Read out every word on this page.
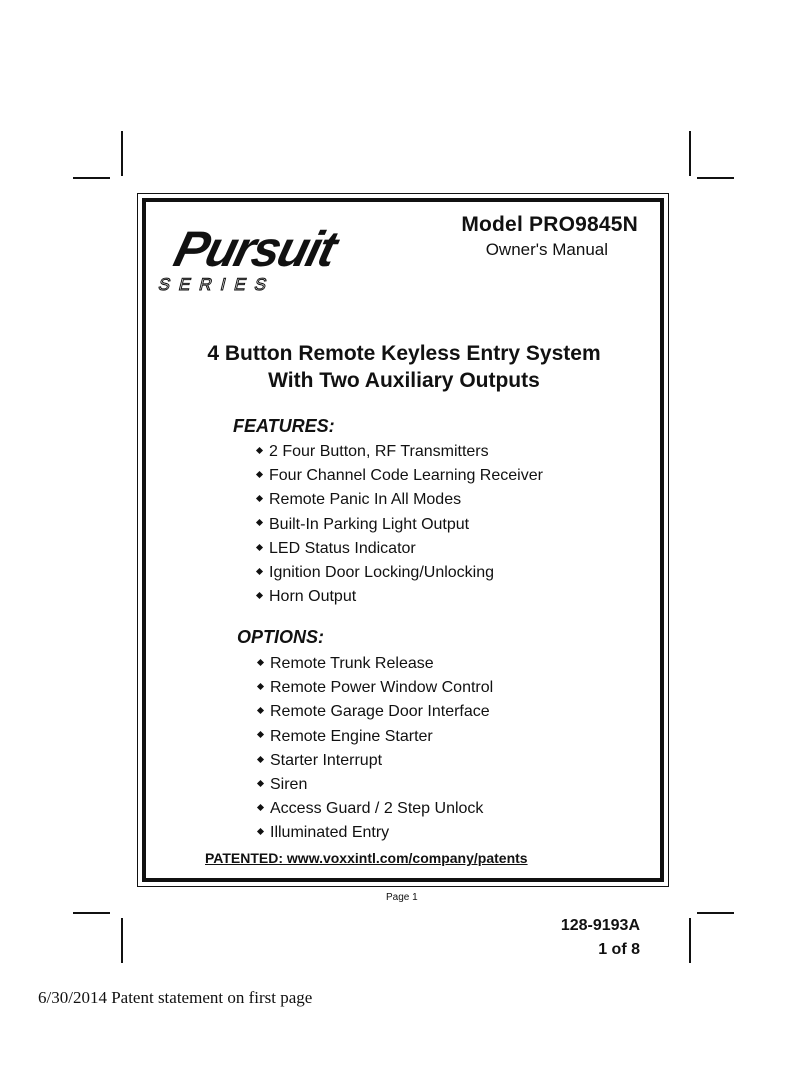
Pursuit
SERIES
Model PRO9845N
Owner's Manual
4 Button Remote Keyless Entry System
With Two Auxiliary Outputs
FEATURES:
2 Four Button, RF Transmitters
Four Channel Code Learning Receiver
Remote Panic In All Modes
Built-In Parking Light Output
LED Status Indicator
Ignition Door Locking/Unlocking
Horn Output
OPTIONS:
Remote Trunk Release
Remote Power Window Control
Remote Garage Door Interface
Remote Engine Starter
Starter Interrupt
Siren
Access Guard / 2 Step Unlock
Illuminated Entry
PATENTED: www.voxxintl.com/company/patents
Page 1
128-9193A
1 of 8
6/30/2014 Patent statement on first page
